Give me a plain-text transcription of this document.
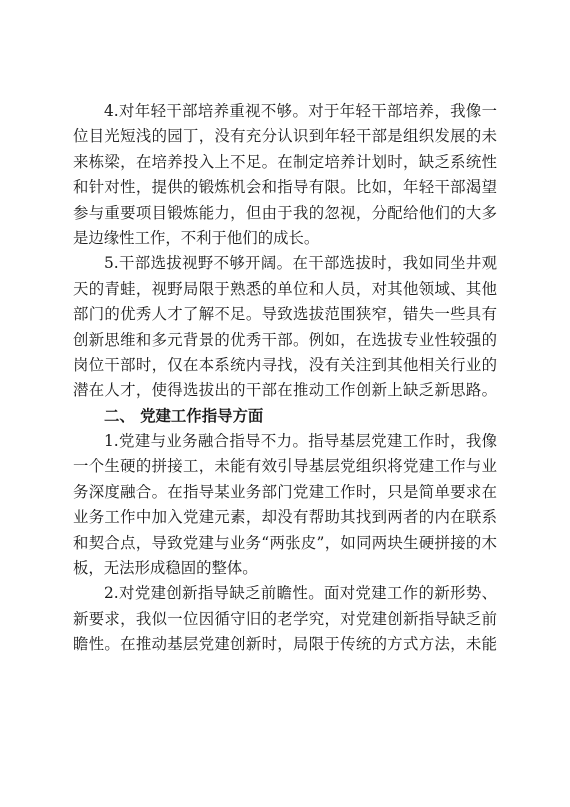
4.对年轻干部培养重视不够。对于年轻干部培养，我像一
位目光短浅的园丁，没有充分认识到年轻干部是组织发展的未
来栋梁，在培养投入上不足。在制定培养计划时，缺乏系统性
和针对性，提供的锻炼机会和指导有限。比如，年轻干部渴望
参与重要项目锻炼能力，但由于我的忽视，分配给他们的大多
是边缘性工作，不利于他们的成长。

5.干部选拔视野不够开阔。在干部选拔时，我如同坐井观
天的青蛙，视野局限于熟悉的单位和人员，对其他领域、其他
部门的优秀人才了解不足。导致选拔范围狭窄，错失一些具有
创新思维和多元背景的优秀干部。例如，在选拔专业性较强的
岗位干部时，仅在本系统内寻找，没有关注到其他相关行业的
潜在人才，使得选拔出的干部在推动工作创新上缺乏新思路。

二、 党建工作指导方面

1.党建与业务融合指导不力。指导基层党建工作时，我像
一个生硬的拼接工，未能有效引导基层党组织将党建工作与业
务深度融合。在指导某业务部门党建工作时，只是简单要求在
业务工作中加入党建元素，却没有帮助其找到两者的内在联系
和契合点，导致党建与业务“两张皮”，如同两块生硬拼接的木
板，无法形成稳固的整体。

2.对党建创新指导缺乏前瞻性。面对党建工作的新形势、
新要求，我似一位因循守旧的老学究，对党建创新指导缺乏前
瞻性。在推动基层党建创新时，局限于传统的方式方法，未能
